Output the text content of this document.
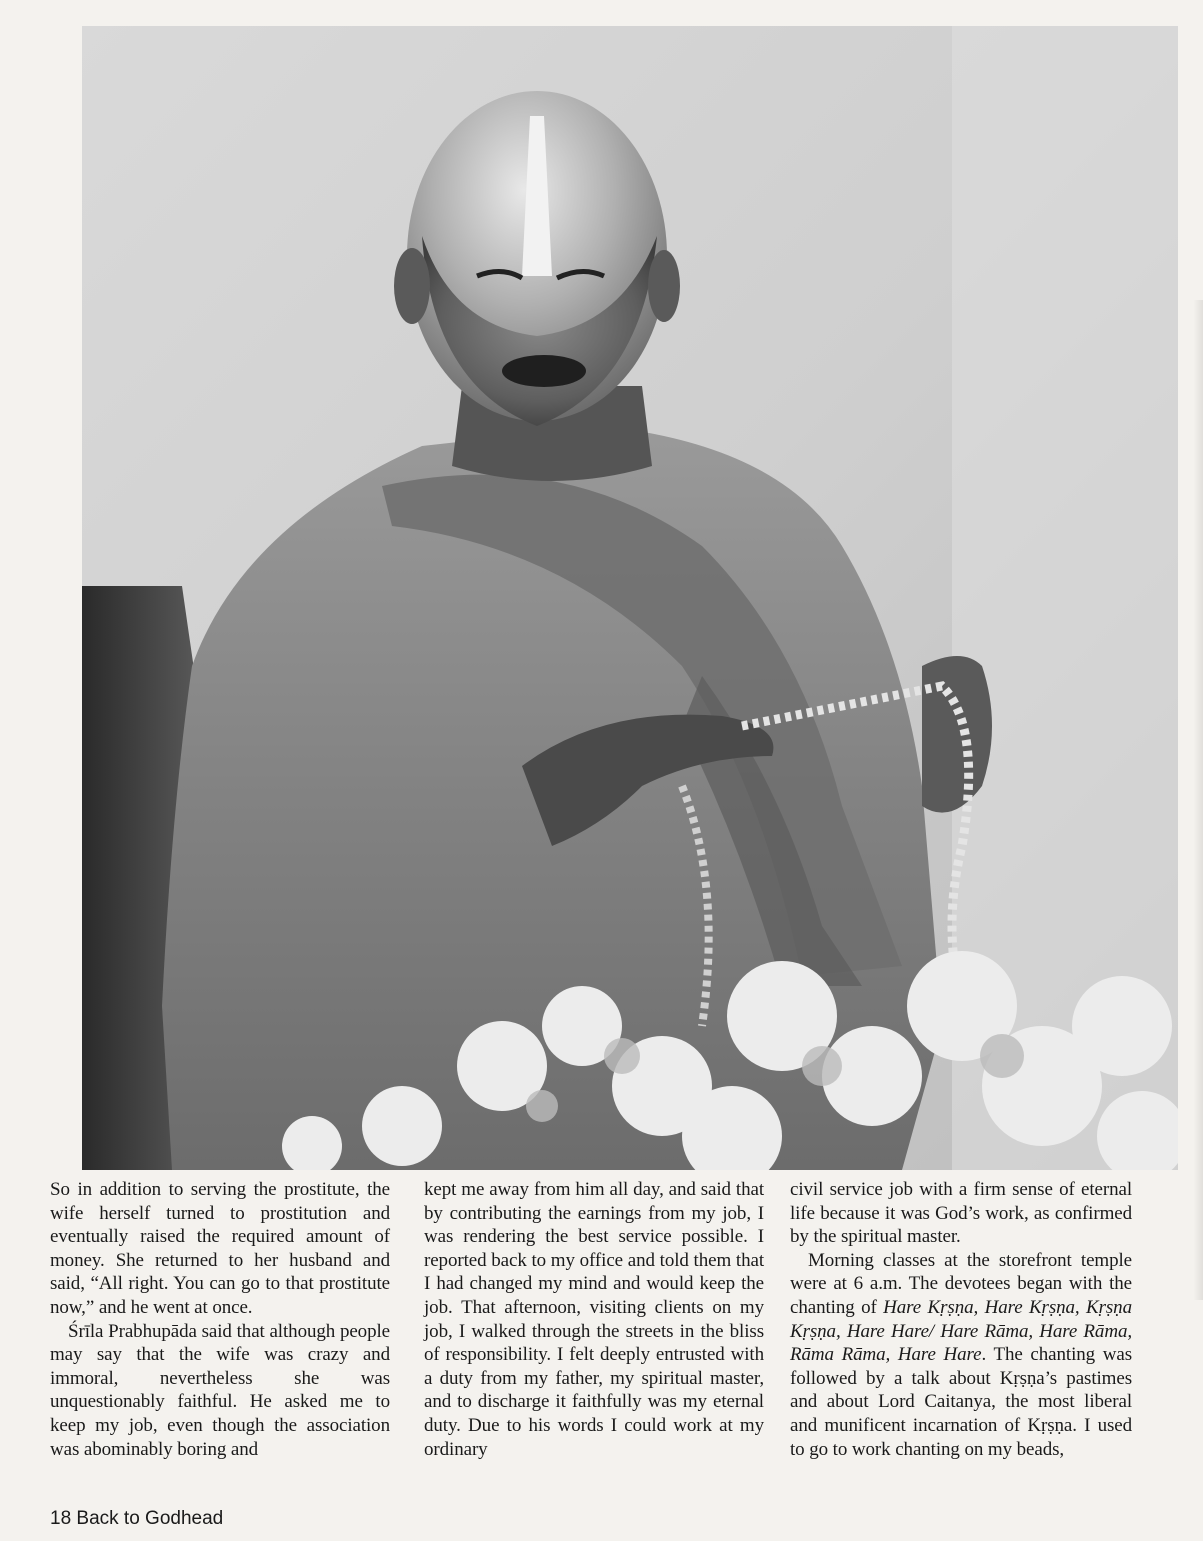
So in addition to serving the prostitute, the wife herself turned to prostitution and eventually raised the required amount of money. She returned to her husband and said, “All right. You can go to that prostitute now,” and he went at once.

Śrīla Prabhupāda said that although people may say that the wife was crazy and immoral, nevertheless she was unquestionably faithful. He asked me to keep my job, even though the association was abominably boring and

kept me away from him all day, and said that by contributing the earnings from my job, I was rendering the best service possible. I reported back to my office and told them that I had changed my mind and would keep the job. That afternoon, visiting clients on my job, I walked through the streets in the bliss of responsibility. I felt deeply entrusted with a duty from my father, my spiritual master, and to discharge it faithfully was my eternal duty. Due to his words I could work at my ordinary

civil service job with a firm sense of eternal life because it was God’s work, as confirmed by the spiritual master.

Morning classes at the storefront temple were at 6 a.m. The devotees began with the chanting of Hare Kṛṣṇa, Hare Kṛṣṇa, Kṛṣṇa Kṛṣṇa, Hare Hare/ Hare Rāma, Hare Rāma, Rāma Rāma, Hare Hare. The chanting was followed by a talk about Kṛṣṇa’s pastimes and about Lord Caitanya, the most liberal and munificent incarnation of Kṛṣṇa. I used to go to work chanting on my beads,

18 Back to Godhead
